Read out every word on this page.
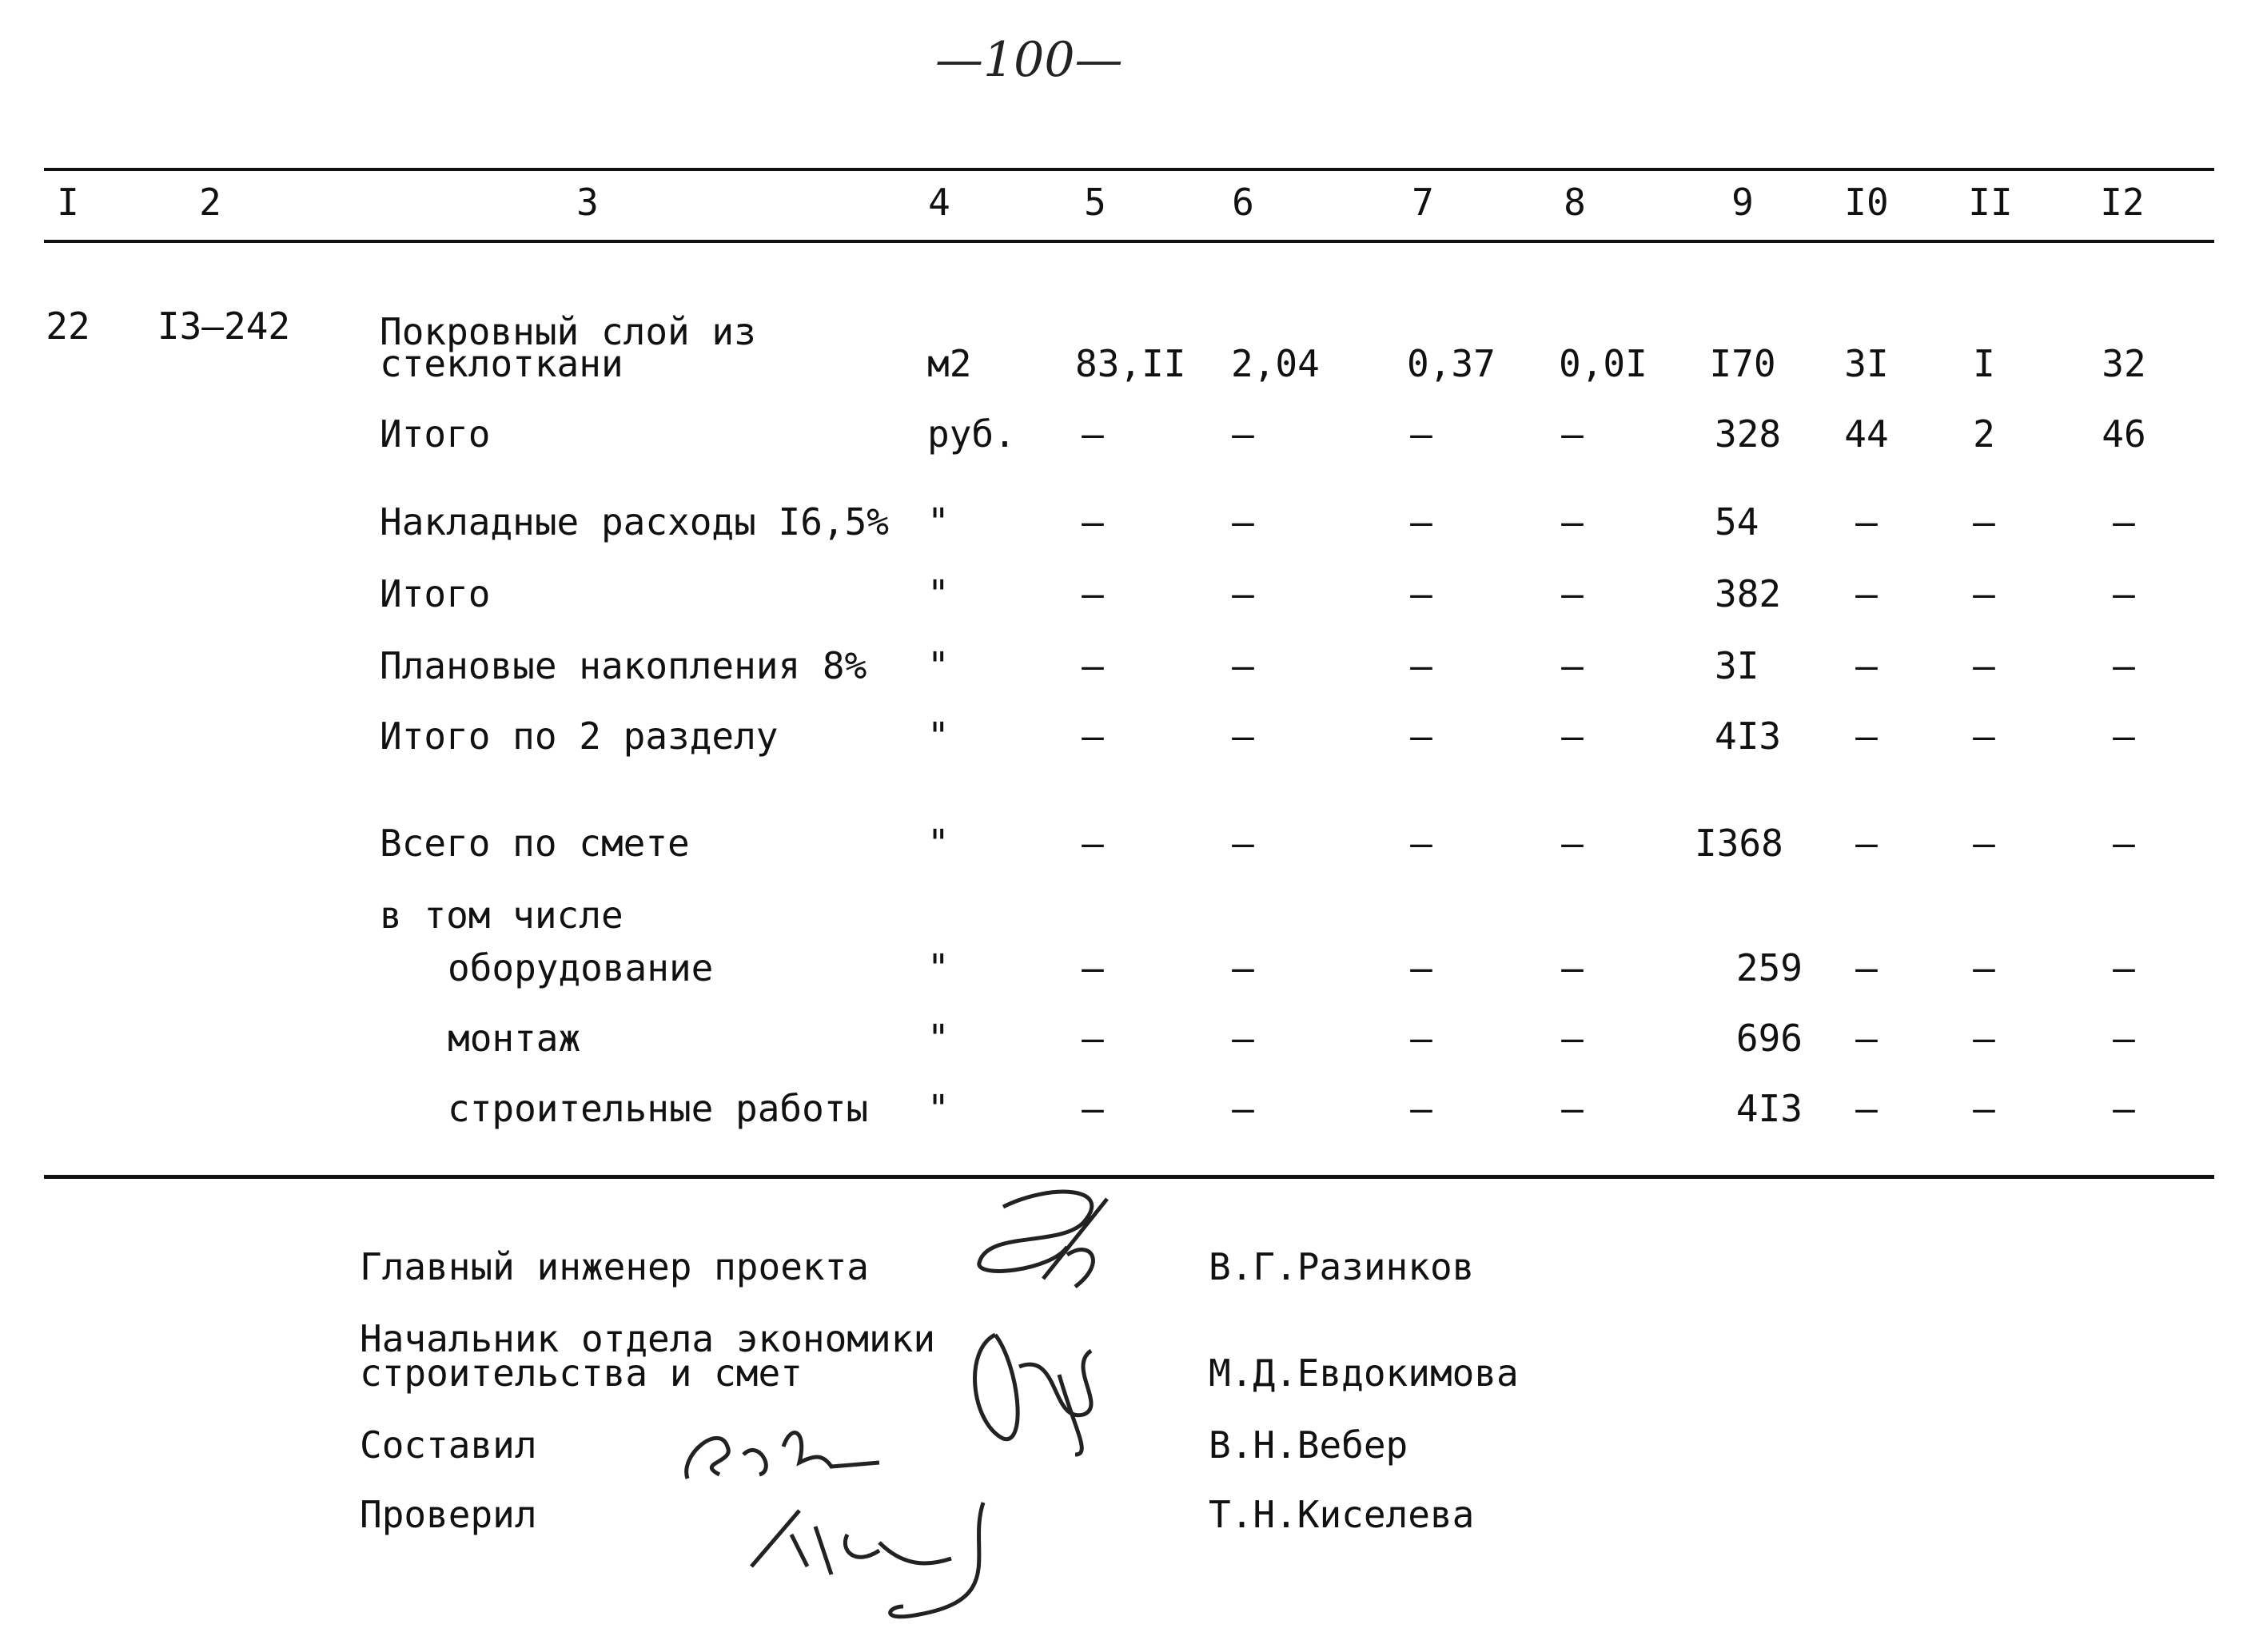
—100—
I	2	3	4	5	6	7	8	9 I0 II I2
22 I3–242 Покровный слой из
стеклоткани	м2	83,II 2,04 0,37 0,0I I70 3I I	32
Итого	руб. –	–	–	–	328 44 2	46
Накладные расходы I6,5% "	–	–	–	–	54	–	–	–
Итого	"	–	–	–	–	382 –	–	–
Плановые накопления 8% "	–	–	–	–	3I	–	–	–
Итого по 2 разделу	"	–	–	–	–	4I3 –	–	–
Всего по смете	"	–	–	–	–	I368 –	–	–
в том числе
оборудование	"	–	–	–	–	259 –	–	–
монтаж	"	–	–	–	–	696 –	–	–
строительные работы "	–	–	–	–	4I3 –	–	–
Главный инженер проекта	В.Г.Разинков
Начальник отдела экономики
строительства и смет	М.Д.Евдокимова
Составил	В.Н.Вебер
Проверил	Т.Н.Киселева
